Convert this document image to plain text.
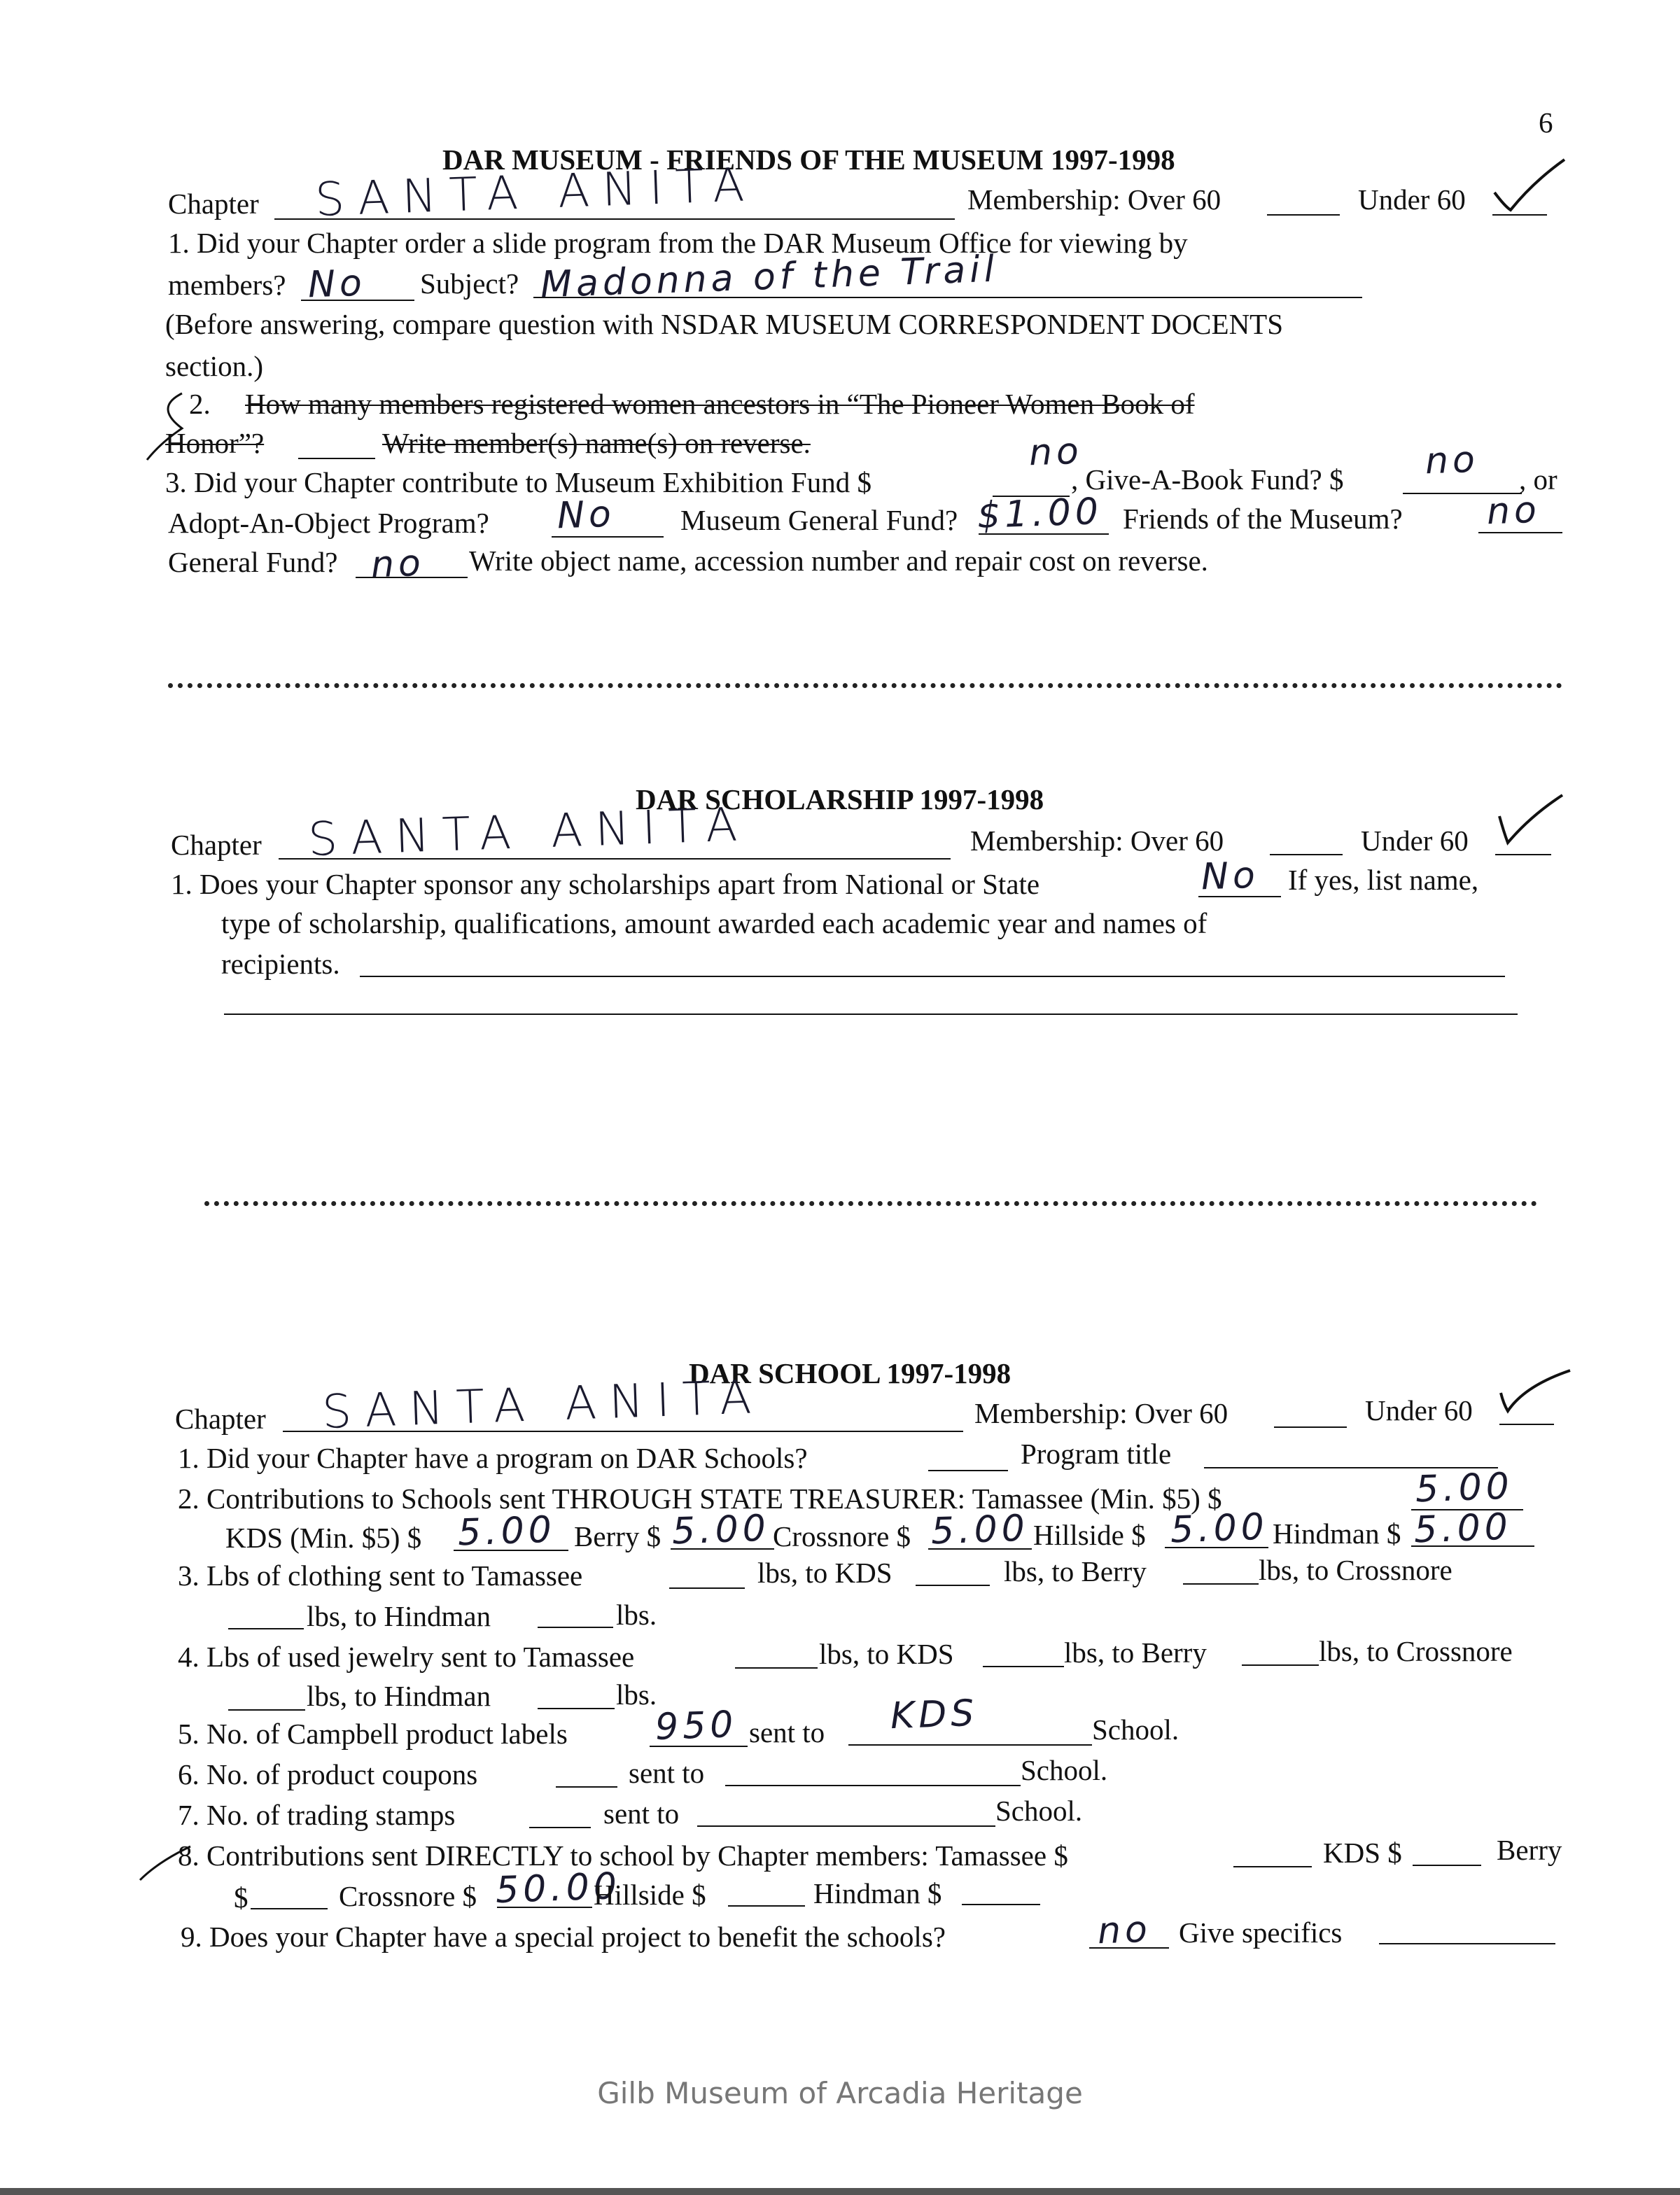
6
DAR MUSEUM - FRIENDS OF THE MUSEUM 1997-1998
Chapter SANTA ANITA	Membership: Over 60	Under 60
1. Did your Chapter order a slide program from the DAR Museum Office for viewing by
members? No Subject? Madonna of the Trail
(Before answering, compare question with NSDAR MUSEUM CORRESPONDENT DOCENTS
section.)
2. How many members registered women ancestors in “The Pioneer Women Book of
Honor”?	Write member(s) name(s) on reverse.
3. Did your Chapter contribute to Museum Exhibition Fund $
no
, Give-A-Book Fund? $ no , or
Adopt-An-Object Program? No Museum General Fund? $1.00 Friends of the Museum? no
General Fund? no Write object name, accession number and repair cost on reverse.
DAR SCHOLARSHIP 1997-1998
Chapter SANTA ANITA	Membership: Over 60	Under 60
1. Does your Chapter sponsor any scholarships apart from National or State	No If yes, list name,
type of scholarship, qualifications, amount awarded each academic year and names of
recipients.
DAR SCHOOL 1997-1998
Chapter SANTA ANITA	Membership: Over 60	Under 60
1. Did your Chapter have a program on DAR Schools?	Program title
2. Contributions to Schools sent THROUGH STATE TREASURER: Tamassee (Min. $5) $	5.00
KDS (Min. $5) $ 5.00 Berry $ 5.00 Crossnore $ 5.00 Hillside $ 5.00 Hindman $ 5.00
3. Lbs of clothing sent to Tamassee	lbs, to KDS	lbs, to Berry	lbs, to Crossnore
lbs, to Hindman	lbs.
4. Lbs of used jewelry sent to Tamassee	lbs, to KDS	lbs, to Berry	lbs, to Crossnore
lbs, to Hindman	lbs.
5. No. of Campbell product labels 950 sent to KDS	School.
6. No. of product coupons	sent to	School.
7. No. of trading stamps	sent to	School.
8. Contributions sent DIRECTLY to school by Chapter members: Tamassee $	KDS $	Berry
$	Crossnore $ 50.00
Hillside $	Hindman $
9. Does your Chapter have a special project to benefit the schools?	no Give specifics
Gilb Museum of Arcadia Heritage
